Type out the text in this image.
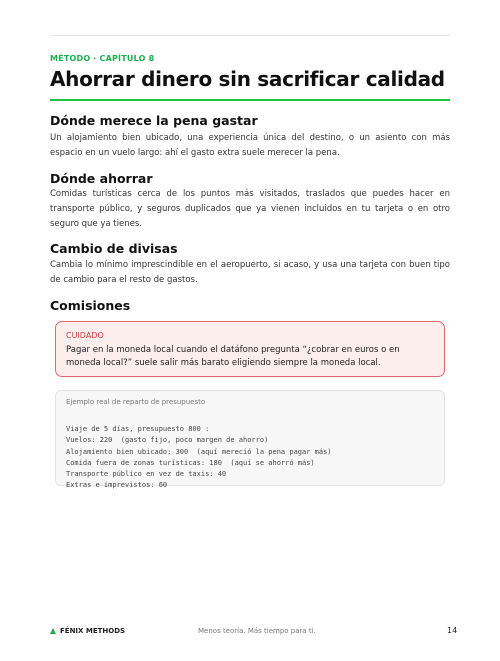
MÉTODO · CAPÍTULO 8
Ahorrar dinero sin sacrificar calidad
Dónde merece la pena gastar

Un alojamiento bien ubicado, una experiencia única del destino, o un asiento con más espacio en un vuelo largo: ahí el gasto extra suele merecer la pena.

Dónde ahorrar

Comidas turísticas cerca de los puntos más visitados, traslados que puedes hacer en transporte público, y seguros duplicados que ya vienen incluidos en tu tarjeta o en otro seguro que ya tienes.

Cambio de divisas

Cambia lo mínimo imprescindible en el aeropuerto, si acaso, y usa una tarjeta con buen tipo de cambio para el resto de gastos.

Comisiones

CUIDADO

Pagar en la moneda local cuando el datáfono pregunta “¿cobrar en euros o en moneda local?” suele salir más barato eligiendo siempre la moneda local.

Ejemplo real de reparto de presupuesto

Viaje de 5 días, presupuesto 800 :
Vuelos: 220  (gasto fijo, poco margen de ahorro)
Alojamiento bien ubicado: 300  (aquí mereció la pena pagar más)
Comida fuera de zonas turísticas: 180  (aquí se ahorró más)
Transporte público en vez de taxis: 40
Extras e imprevistos: 60

FÉNIX METHODS	Menos teoría. Más tiempo para ti.	14
